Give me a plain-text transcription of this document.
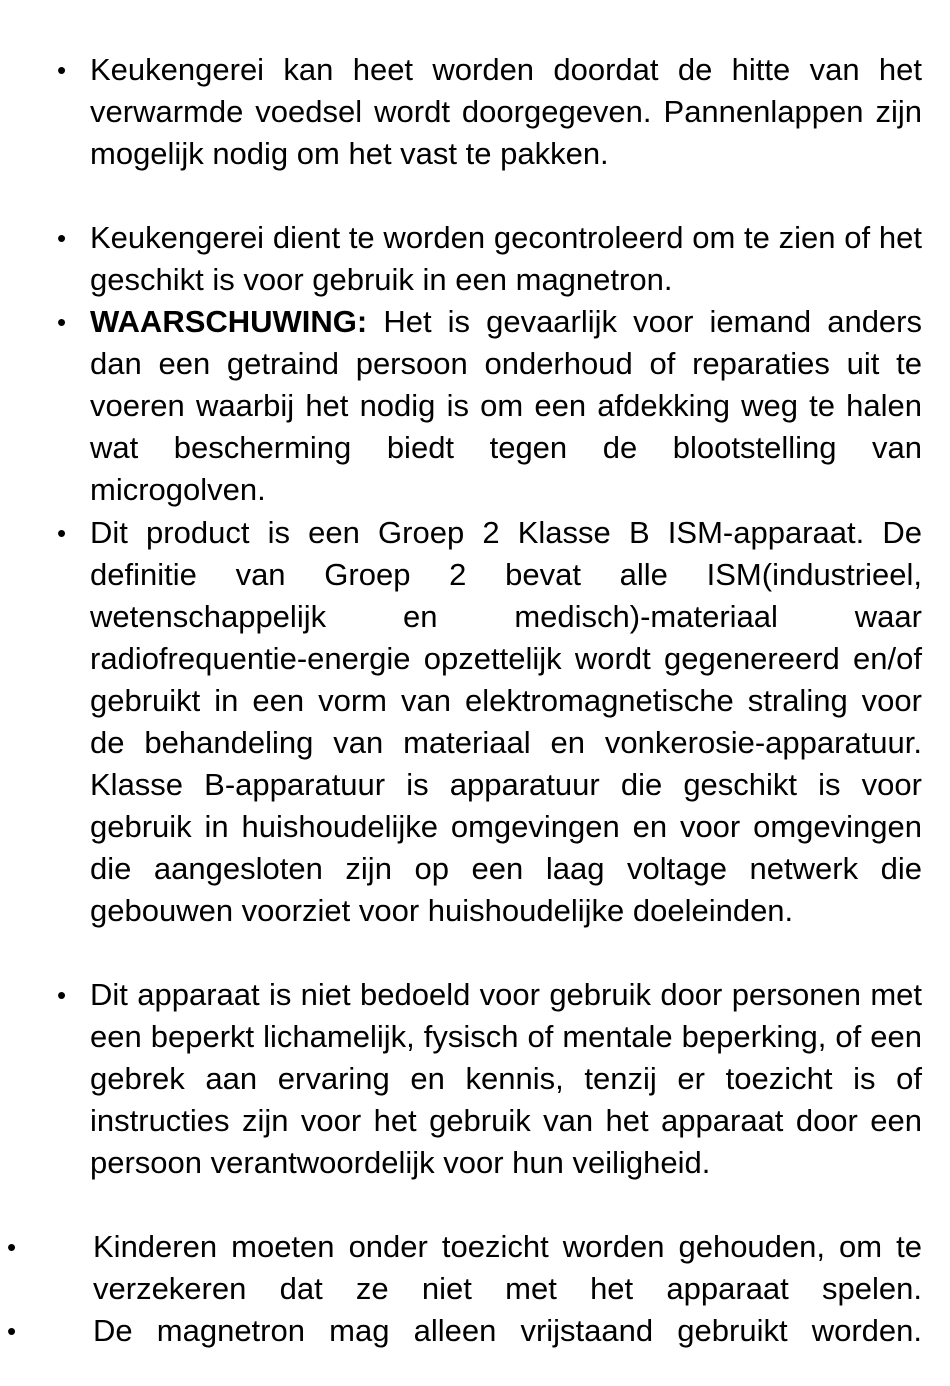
• Keukengerei kan heet worden doordat de hitte van het verwarmde voedsel wordt doorgegeven. Pannenlappen zijn mogelijk nodig om het vast te pakken.
• Keukengerei dient te worden gecontroleerd om te zien of het geschikt is voor gebruik in een magnetron.
• WAARSCHUWING: Het is gevaarlijk voor iemand anders dan een getraind persoon onderhoud of reparaties uit te voeren waarbij het nodig is om een afdekking weg te halen wat bescherming biedt tegen de blootstelling van microgolven.
• Dit product is een Groep 2 Klasse B ISM-apparaat. De definitie van Groep 2 bevat alle ISM(industrieel, wetenschappelijk en medisch)-materiaal waar radiofrequentie-energie opzettelijk wordt gegenereerd en/of gebruikt in een vorm van elektromagnetische straling voor de behandeling van materiaal en vonkerosie-apparatuur. Klasse B-apparatuur is apparatuur die geschikt is voor gebruik in huishoudelijke omgevingen en voor omgevingen die aangesloten zijn op een laag voltage netwerk die gebouwen voorziet voor huishoudelijke doeleinden.
• Dit apparaat is niet bedoeld voor gebruik door personen met een beperkt lichamelijk, fysisch of mentale beperking, of een gebrek aan ervaring en kennis, tenzij er toezicht is of instructies zijn voor het gebruik van het apparaat door een persoon verantwoordelijk voor hun veiligheid.
• Kinderen moeten onder toezicht worden gehouden, om te verzekeren dat ze niet met het apparaat spelen.
• De magnetron mag alleen vrijstaand gebruikt worden.
